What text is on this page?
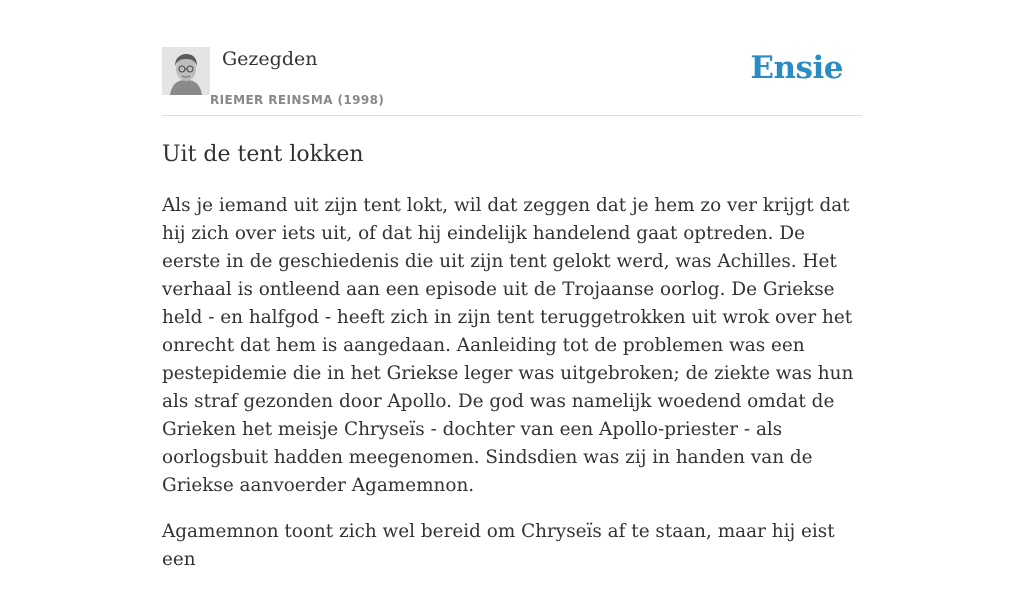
Gezegden
RIEMER REINSMA (1998)
Ensie
Uit de tent lokken

Als je iemand uit zijn tent lokt, wil dat zeggen dat je hem zo ver krijgt dat hij zich over iets uit, of dat hij eindelijk handelend gaat optreden. De eerste in de geschiedenis die uit zijn tent gelokt werd, was Achilles. Het verhaal is ontleend aan een episode uit de Trojaanse oorlog. De Griekse held - en halfgod - heeft zich in zijn tent teruggetrokken uit wrok over het onrecht dat hem is aangedaan. Aanleiding tot de problemen was een pestepidemie die in het Griekse leger was uitgebroken; de ziekte was hun als straf gezonden door Apollo. De god was namelijk woedend omdat de Grieken het meisje Chryseïs - dochter van een Apollo-priester - als oorlogsbuit hadden meegenomen. Sindsdien was zij in handen van de Griekse aanvoerder Agamemnon.

Agamemnon toont zich wel bereid om Chryseïs af te staan, maar hij eist een
